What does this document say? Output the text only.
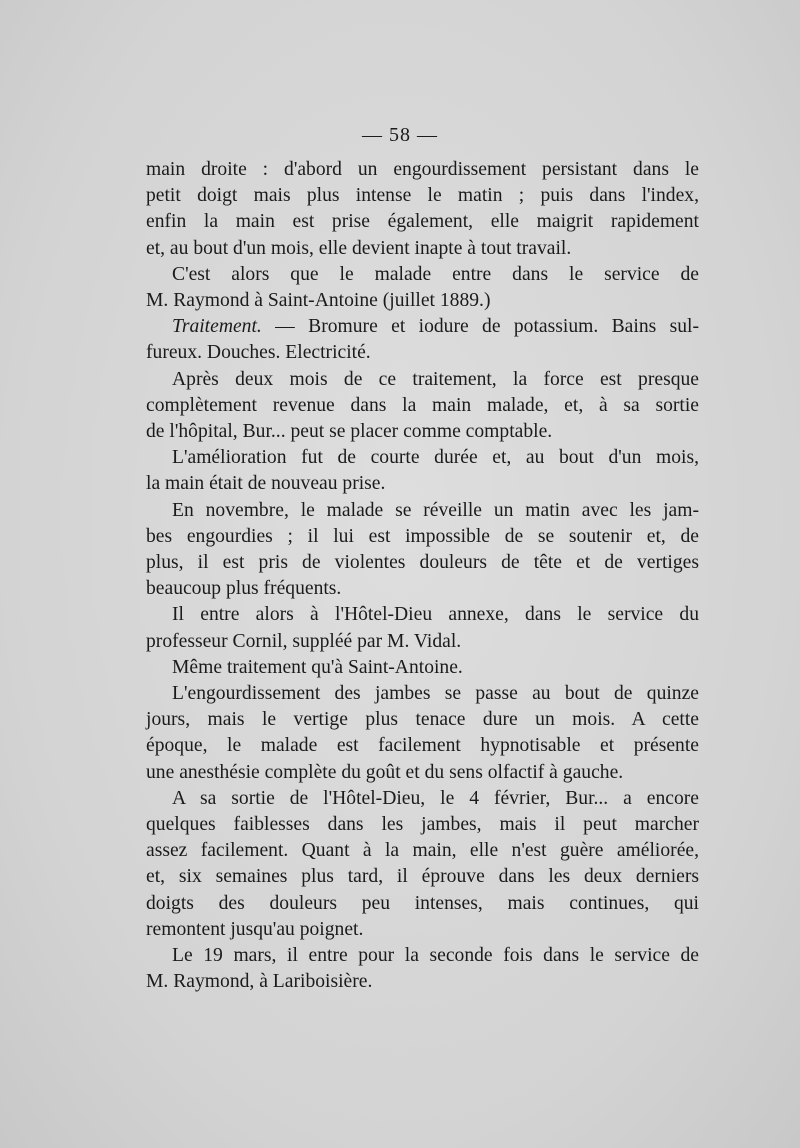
— 58 —
main droite : d'abord un engourdissement persistant dans le
petit doigt mais plus intense le matin ; puis dans l'index,
enfin la main est prise également, elle maigrit rapidement
et, au bout d'un mois, elle devient inapte à tout travail.
C'est alors que le malade entre dans le service de
M. Raymond à Saint-Antoine (juillet 1889.)
Traitement. — Bromure et iodure de potassium. Bains sul-
fureux. Douches. Electricité.
Après deux mois de ce traitement, la force est presque
complètement revenue dans la main malade, et, à sa sortie
de l'hôpital, Bur... peut se placer comme comptable.
L'amélioration fut de courte durée et, au bout d'un mois,
la main était de nouveau prise.
En novembre, le malade se réveille un matin avec les jam-
bes engourdies ; il lui est impossible de se soutenir et, de
plus, il est pris de violentes douleurs de tête et de vertiges
beaucoup plus fréquents.
Il entre alors à l'Hôtel-Dieu annexe, dans le service du
professeur Cornil, suppléé par M. Vidal.
Même traitement qu'à Saint-Antoine.
L'engourdissement des jambes se passe au bout de quinze
jours, mais le vertige plus tenace dure un mois. A cette
époque, le malade est facilement hypnotisable et présente
une anesthésie complète du goût et du sens olfactif à gauche.
A sa sortie de l'Hôtel-Dieu, le 4 février, Bur... a encore
quelques faiblesses dans les jambes, mais il peut marcher
assez facilement. Quant à la main, elle n'est guère améliorée,
et, six semaines plus tard, il éprouve dans les deux derniers
doigts des douleurs peu intenses, mais continues, qui
remontent jusqu'au poignet.
Le 19 mars, il entre pour la seconde fois dans le service de
M. Raymond, à Lariboisière.
